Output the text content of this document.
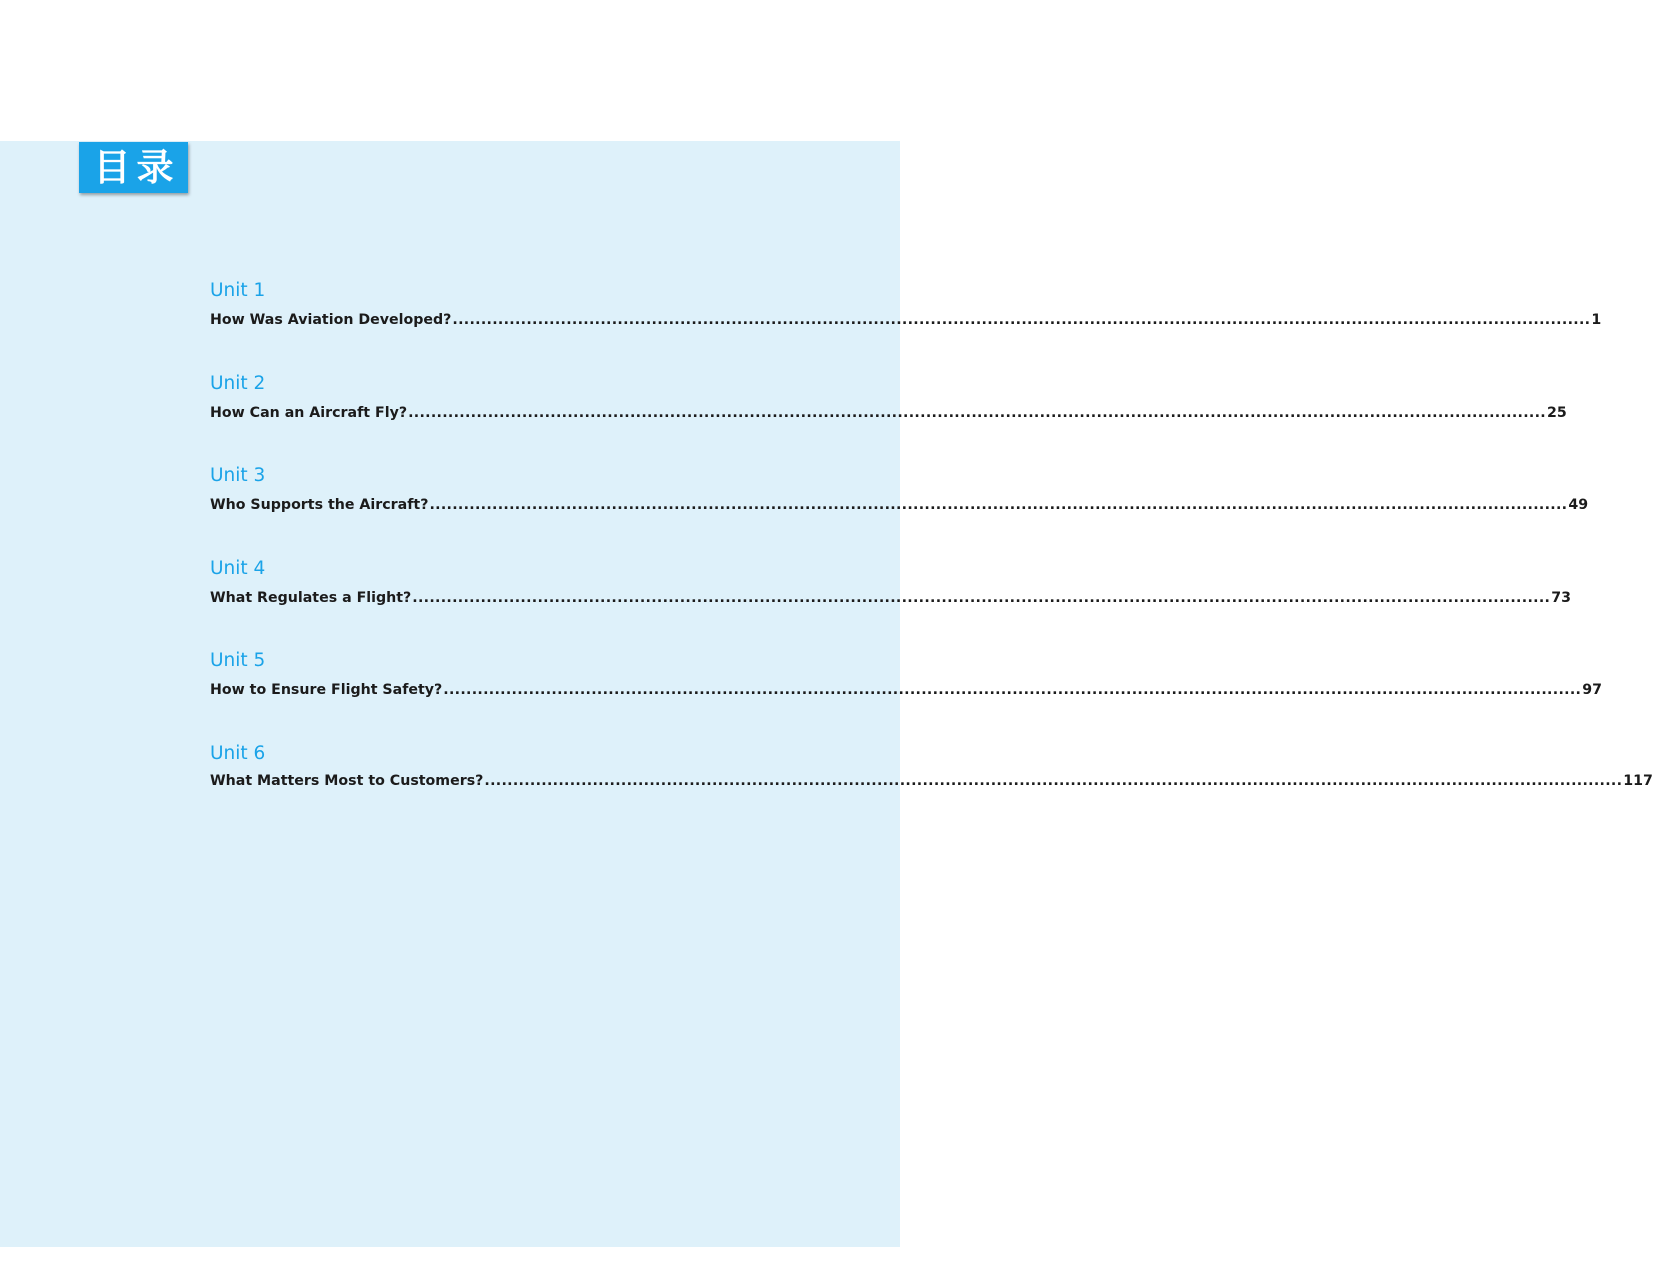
目录
Unit 1
How Was Aviation Developed? ........................................................................................................................................................................................................ 1
Unit 2
How Can an Aircraft Fly? ........................................................................................................................................................................................................ 25
Unit 3
Who Supports the Aircraft? ........................................................................................................................................................................................................ 49
Unit 4
What Regulates a Flight? ........................................................................................................................................................................................................ 73
Unit 5
How to Ensure Flight Safety? ........................................................................................................................................................................................................ 97
Unit 6
What Matters Most to Customers? ........................................................................................................................................................................................................ 117
